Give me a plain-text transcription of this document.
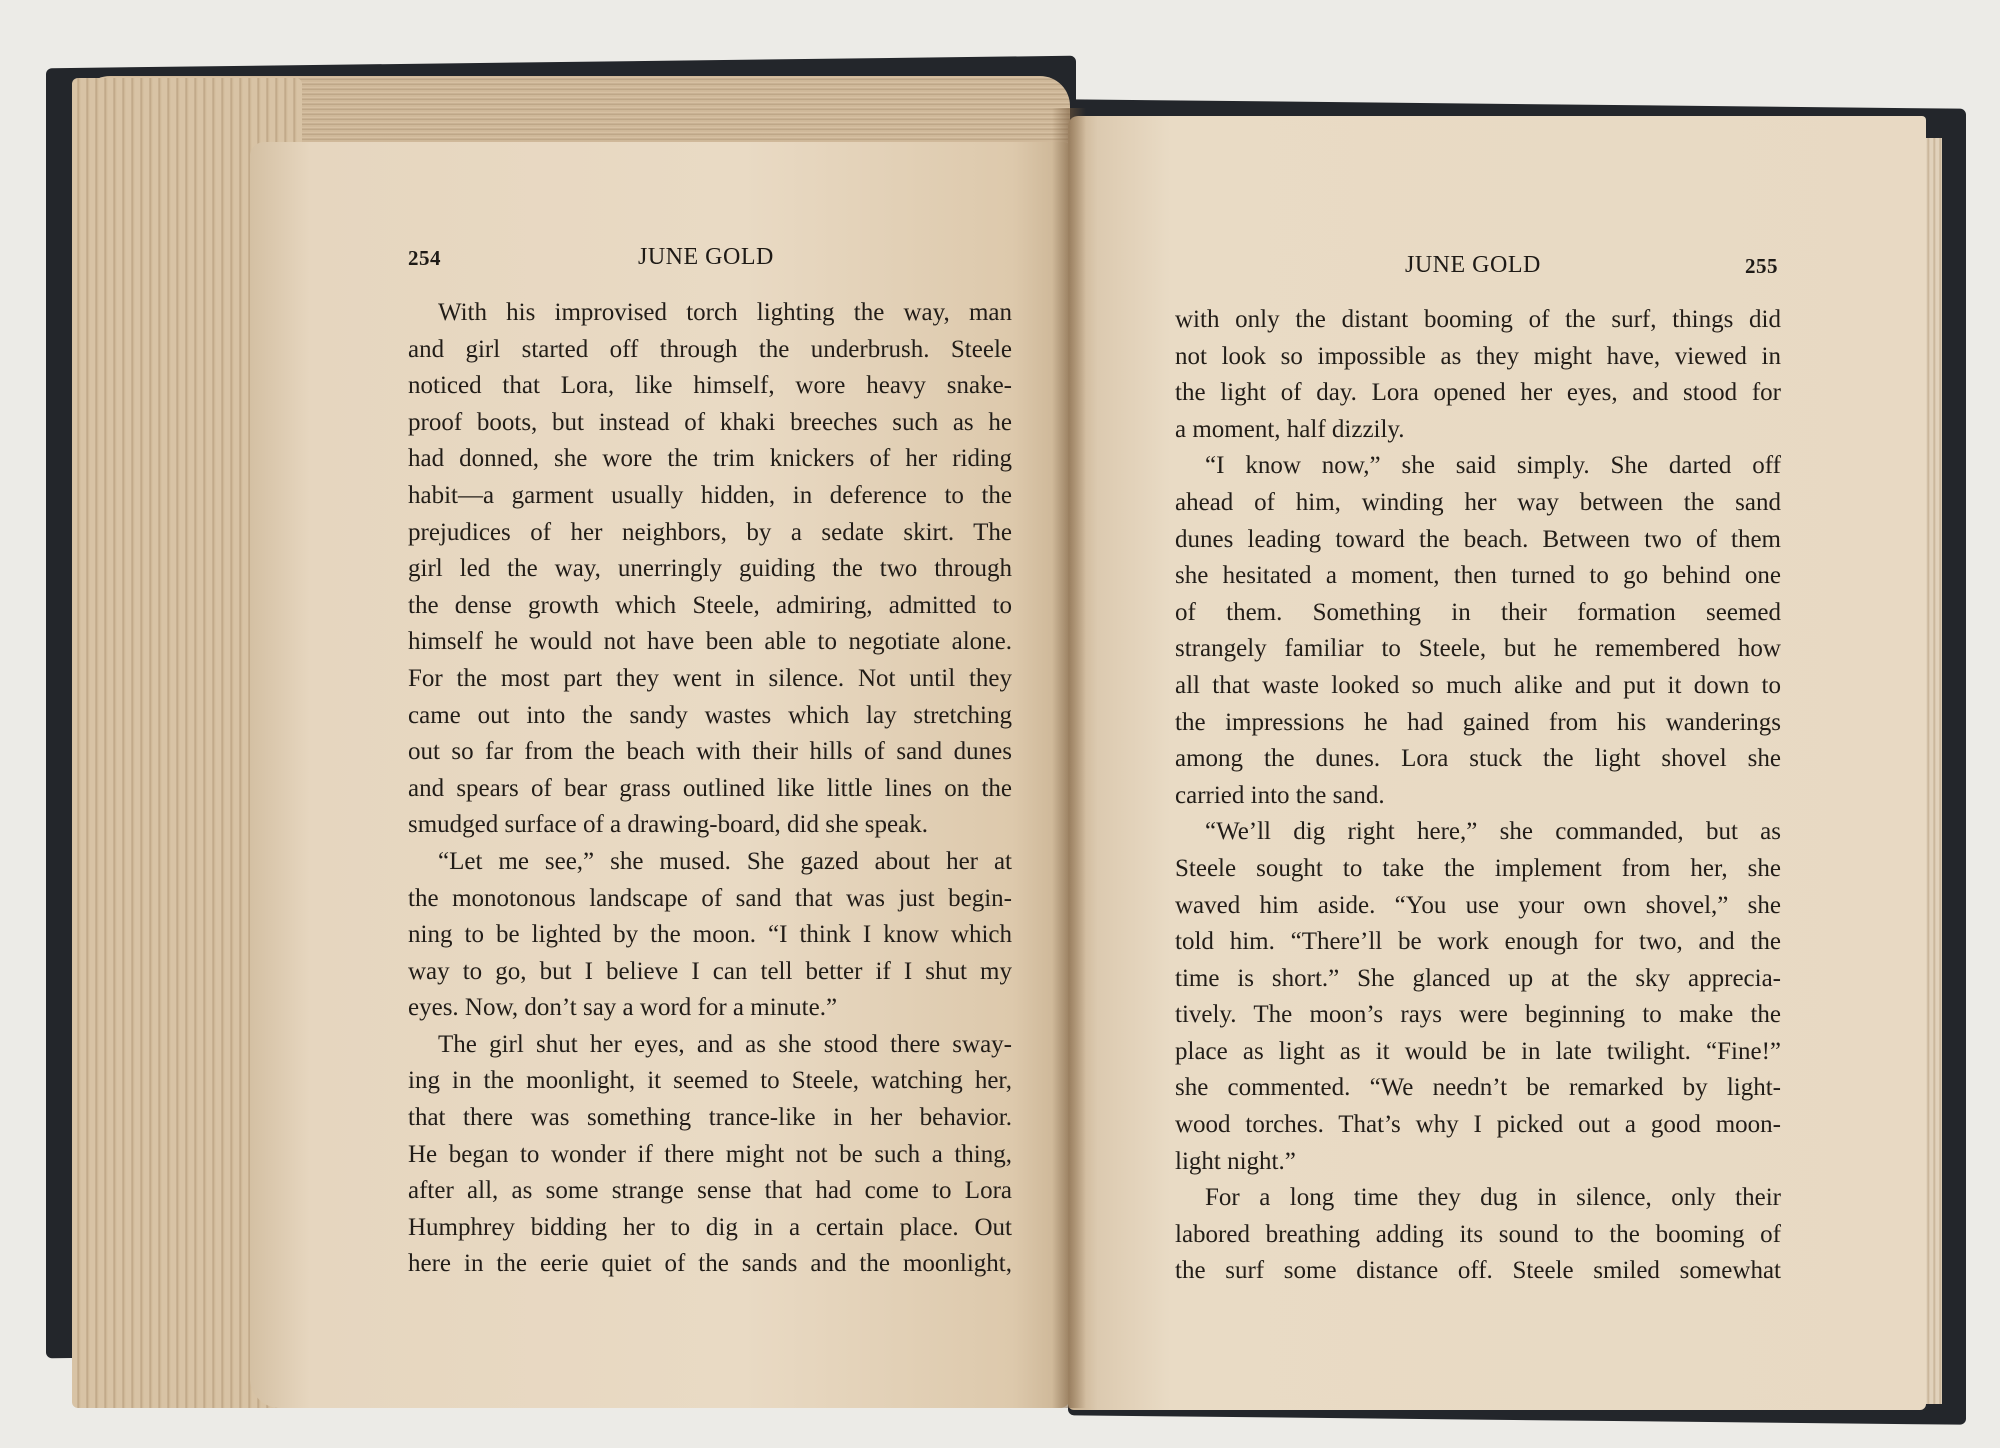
254	JUNE GOLD	JUNE GOLD	255
With his improvised torch lighting the way, man
and girl started off through the underbrush. Steele
noticed that Lora, like himself, wore heavy snake-
proof boots, but instead of khaki breeches such as he
had donned, she wore the trim knickers of her riding
habit—a garment usually hidden, in deference to the
prejudices of her neighbors, by a sedate skirt. The
girl led the way, unerringly guiding the two through
the dense growth which Steele, admiring, admitted to
himself he would not have been able to negotiate alone.
For the most part they went in silence. Not until they
came out into the sandy wastes which lay stretching
out so far from the beach with their hills of sand dunes
and spears of bear grass outlined like little lines on the
smudged surface of a drawing-board, did she speak.
“Let me see,” she mused. She gazed about her at
the monotonous landscape of sand that was just begin-
ning to be lighted by the moon. “I think I know which
way to go, but I believe I can tell better if I shut my
eyes. Now, don’t say a word for a minute.”
The girl shut her eyes, and as she stood there sway-
ing in the moonlight, it seemed to Steele, watching her,
that there was something trance-like in her behavior.
He began to wonder if there might not be such a thing,
after all, as some strange sense that had come to Lora
Humphrey bidding her to dig in a certain place. Out
here in the eerie quiet of the sands and the moonlight,
with only the distant booming of the surf, things did
not look so impossible as they might have, viewed in
the light of day. Lora opened her eyes, and stood for
a moment, half dizzily.
“I know now,” she said simply. She darted off
ahead of him, winding her way between the sand
dunes leading toward the beach. Between two of them
she hesitated a moment, then turned to go behind one
of them. Something in their formation seemed
strangely familiar to Steele, but he remembered how
all that waste looked so much alike and put it down to
the impressions he had gained from his wanderings
among the dunes. Lora stuck the light shovel she
carried into the sand.
“We’ll dig right here,” she commanded, but as
Steele sought to take the implement from her, she
waved him aside. “You use your own shovel,” she
told him. “There’ll be work enough for two, and the
time is short.” She glanced up at the sky apprecia-
tively. The moon’s rays were beginning to make the
place as light as it would be in late twilight. “Fine!”
she commented. “We needn’t be remarked by light-
wood torches. That’s why I picked out a good moon-
light night.”
For a long time they dug in silence, only their
labored breathing adding its sound to the booming of
the surf some distance off. Steele smiled somewhat
